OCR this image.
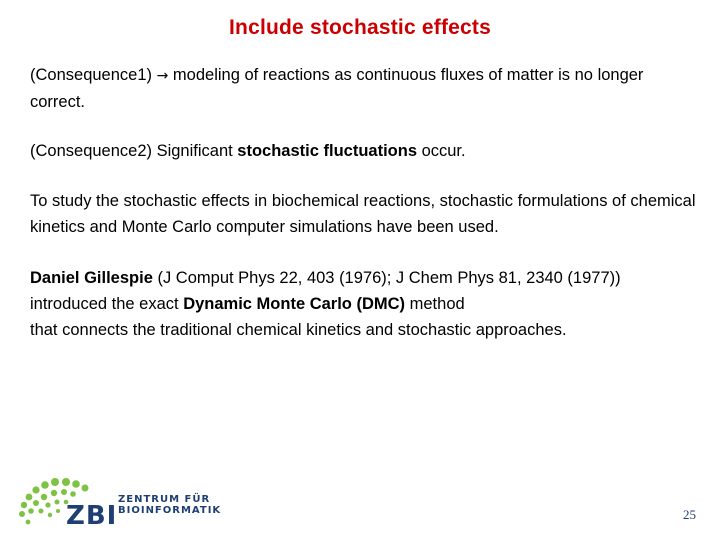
Include stochastic effects
(Consequence1) → modeling of reactions as continuous fluxes of matter is no longer correct.
(Consequence2) Significant stochastic fluctuations occur.
To study the stochastic effects in biochemical reactions, stochastic formulations of chemical kinetics and Monte Carlo computer simulations have been used.
Daniel Gillespie (J Comput Phys 22, 403 (1976); J Chem Phys 81, 2340 (1977))
introduced the exact Dynamic Monte Carlo (DMC) method
that connects the traditional chemical kinetics and stochastic approaches.
ZBI
ZENTRUM FÜR
BIOINFORMATIK	25
